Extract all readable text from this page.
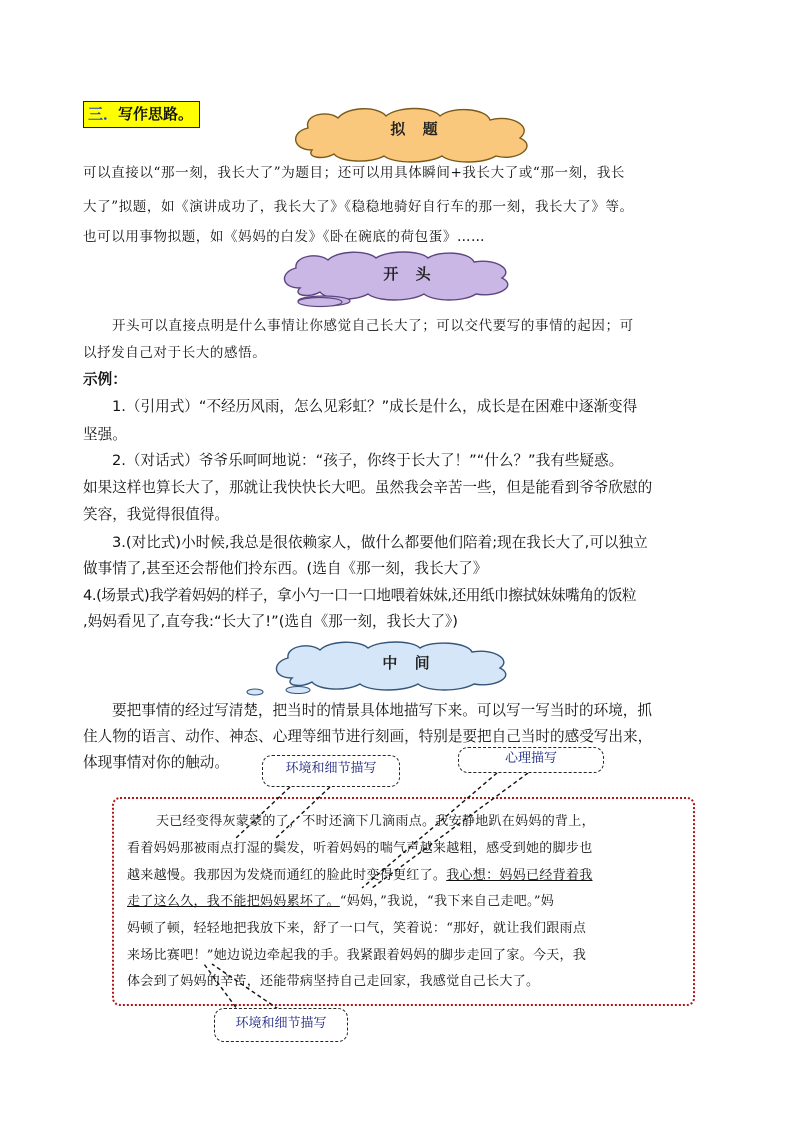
三．写作思路。
拟 题
可以直接以“那一刻，我长大了”为题目；还可以用具体瞬间+我长大了或“那一刻，我长
大了”拟题，如《演讲成功了，我长大了》《稳稳地骑好自行车的那一刻，我长大了》等。
也可以用事物拟题，如《妈妈的白发》《卧在碗底的荷包蛋》……
开 头
开头可以直接点明是什么事情让你感觉自己长大了；可以交代要写的事情的起因；可
以抒发自己对于长大的感悟。
示例：
1.（引用式）“不经历风雨，怎么见彩虹？”成长是什么，成长是在困难中逐渐变得
坚强。
2.（对话式）爷爷乐呵呵地说：“孩子，你终于长大了！”“什么？”我有些疑惑。
如果这样也算长大了，那就让我快快长大吧。虽然我会辛苦一些，但是能看到爷爷欣慰的
笑容，我觉得很值得。
3.(对比式)小时候,我总是很依赖家人，做什么都要他们陪着;现在我长大了,可以独立
做事情了,甚至还会帮他们拎东西。(选自《那一刻，我长大了》
4.(场景式)我学着妈妈的样子，拿小勺一口一口地喂着妹妹,还用纸巾擦拭妹妹嘴角的饭粒
,妈妈看见了,直夸我:“长大了!”(选自《那一刻，我长大了》)
中 间
要把事情的经过写清楚，把当时的情景具体地描写下来。可以写一写当时的环境，抓
住人物的语言、动作、神态、心理等细节进行刻画，特别是要把自己当时的感受写出来，
体现事情对你的触动。
天已经变得灰蒙蒙的了，不时还滴下几滴雨点。我安静地趴在妈妈的背上，
看着妈妈那被雨点打湿的鬓发，听着妈妈的喘气声越来越粗，感受到她的脚步也
越来越慢。我那因为发烧而通红的脸此时变得更红了。我心想：妈妈已经背着我
走了这么久，我不能把妈妈累坏了。“妈妈，”我说，“我下来自己走吧。”妈
妈顿了顿，轻轻地把我放下来，舒了一口气，笑着说：“那好，就让我们跟雨点
来场比赛吧！”她边说边牵起我的手。我紧跟着妈妈的脚步走回了家。今天，我
体会到了妈妈的辛苦，还能带病坚持自己走回家，我感觉自己长大了。
环境和细节描写
心理描写
环境和细节描写
